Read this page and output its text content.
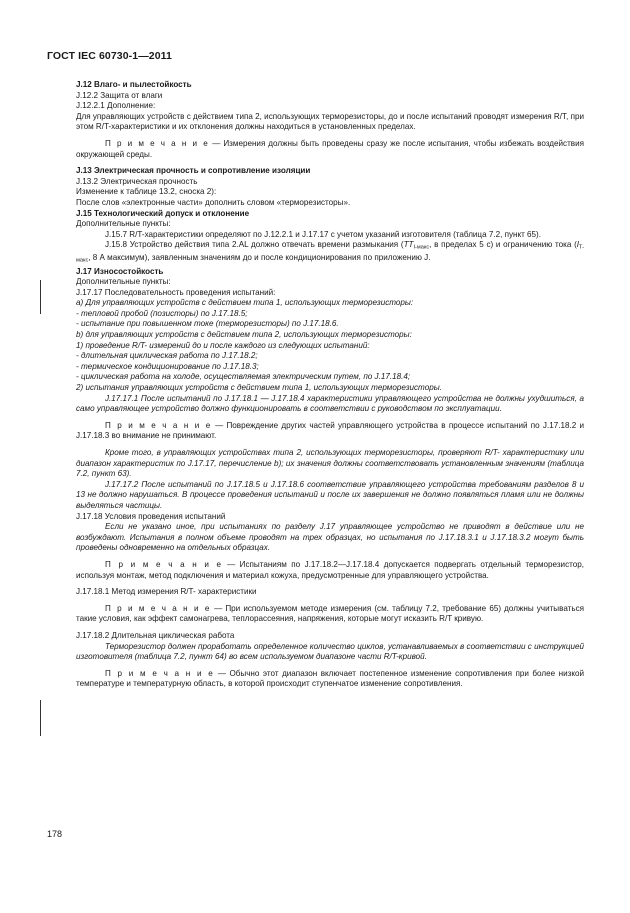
ГОСТ IEC 60730-1—2011

J.12 Влаго- и пылестойкость

J.12.2 Защита от влаги

J.12.2.1 Дополнение:

Для управляющих устройств с действием типа 2, использующих терморезисторы, до и после испытаний проводят измерения R/T, при этом R/T-характеристики и их отклонения должны находиться в установленных пределах.

П р и м е ч а н и е — Измерения должны быть проведены сразу же после испытания, чтобы избежать воздействия окружающей среды.

J.13 Электрическая прочность и сопротивление изоляции

J.13.2 Электрическая прочность

Изменение к таблице 13.2, сноска 2):

После слов «электронные части» дополнить словом «терморезисторы».

J.15 Технологический допуск и отклонение

Дополнительные пункты:

J.15.7 R/T-характеристики определяют по J.12.2.1 и J.17.17 с учетом указаний изготовителя (таблица 7.2, пункт 65).

J.15.8 Устройство действия типа 2.AL должно отвечать времени размыкания ($TT_{I-макс}$, в пределах 5 с) и ограничению тока ($I_{T-макс}$, 8 А максимум), заявленным значениям до и после кондиционирования по приложению J.

J.17 Износостойкость

Дополнительные пункты:

J.17.17 Последовательность проведения испытаний:

a) Для управляющих устройств с действием типа 1, использующих терморезисторы:

- тепловой пробой (позисторы) по J.17.18.5;

- испытание при повышенном токе (терморезисторы) по J.17.18.6.

b) для управляющих устройств с действием типа 2, использующих терморезисторы:

1) проведение R/T- измерений до и после каждого из следующих испытаний:

- длительная циклическая работа по J.17.18.2;

- термическое кондиционирование по J.17.18.3;

- циклическая работа на холоде, осуществляемая электрическим путем, по J.17.18.4;

2) испытания управляющих устройств с действием типа 1, использующих терморезисторы.

J.17.17.1 После испытаний по J.17.18.1 — J.17.18.4 характеристики управляющего устройства не должны ухудшиться, а само управляющее устройство должно функционировать в соответствии с руководством по эксплуатации.

П р и м е ч а н и е — Повреждение других частей управляющего устройства в процессе испытаний по J.17.18.2 и J.17.18.3 во внимание не принимают.

Кроме того, в управляющих устройствах типа 2, использующих терморезисторы, проверяют R/T- характеристику или диапазон характеристик по J.17.17, перечисление b); их значения должны соответствовать установленным значениям (таблица 7.2, пункт 63).

J.17.17.2 После испытаний по J.17.18.5 и J.17.18.6 соответствие управляющего устройства требованиям разделов 8 и 13 не должно нарушаться. В процессе проведения испытаний и после их завершения не должно появляться пламя или не должны выделяться частицы.

J.17.18 Условия проведения испытаний

Если не указано иное, при испытаниях по разделу J.17 управляющее устройство не приводят в действие или не возбуждают. Испытания в полном объеме проводят на трех образцах, но испытания по J.17.18.3.1 и J.17.18.3.2 могут быть проведены одновременно на отдельных образцах.

П р и м е ч а н и е — Испытаниям по J.17.18.2—J.17.18.4 допускается подвергать отдельный терморезистор, используя монтаж, метод подключения и материал кожуха, предусмотренные для управляющего устройства.

J.17.18.1 Метод измерения R/T- характеристики

П р и м е ч а н и е — При используемом методе измерения (см. таблицу 7.2, требование 65) должны учитываться такие условия, как эффект самонагрева, теплорассеяния, напряжения, которые могут исказить R/T кривую.

J.17.18.2 Длительная циклическая работа

Терморезистор должен проработать определенное количество циклов, устанавливаемых в соответствии с инструкцией изготовителя (таблица 7.2, пункт 64) во всем используемом диапазоне части R/T-кривой.

П р и м е ч а н и е — Обычно этот диапазон включает постепенное изменение сопротивления при более низкой температуре и температурную область, в которой происходит ступенчатое изменение сопротивления.

178
